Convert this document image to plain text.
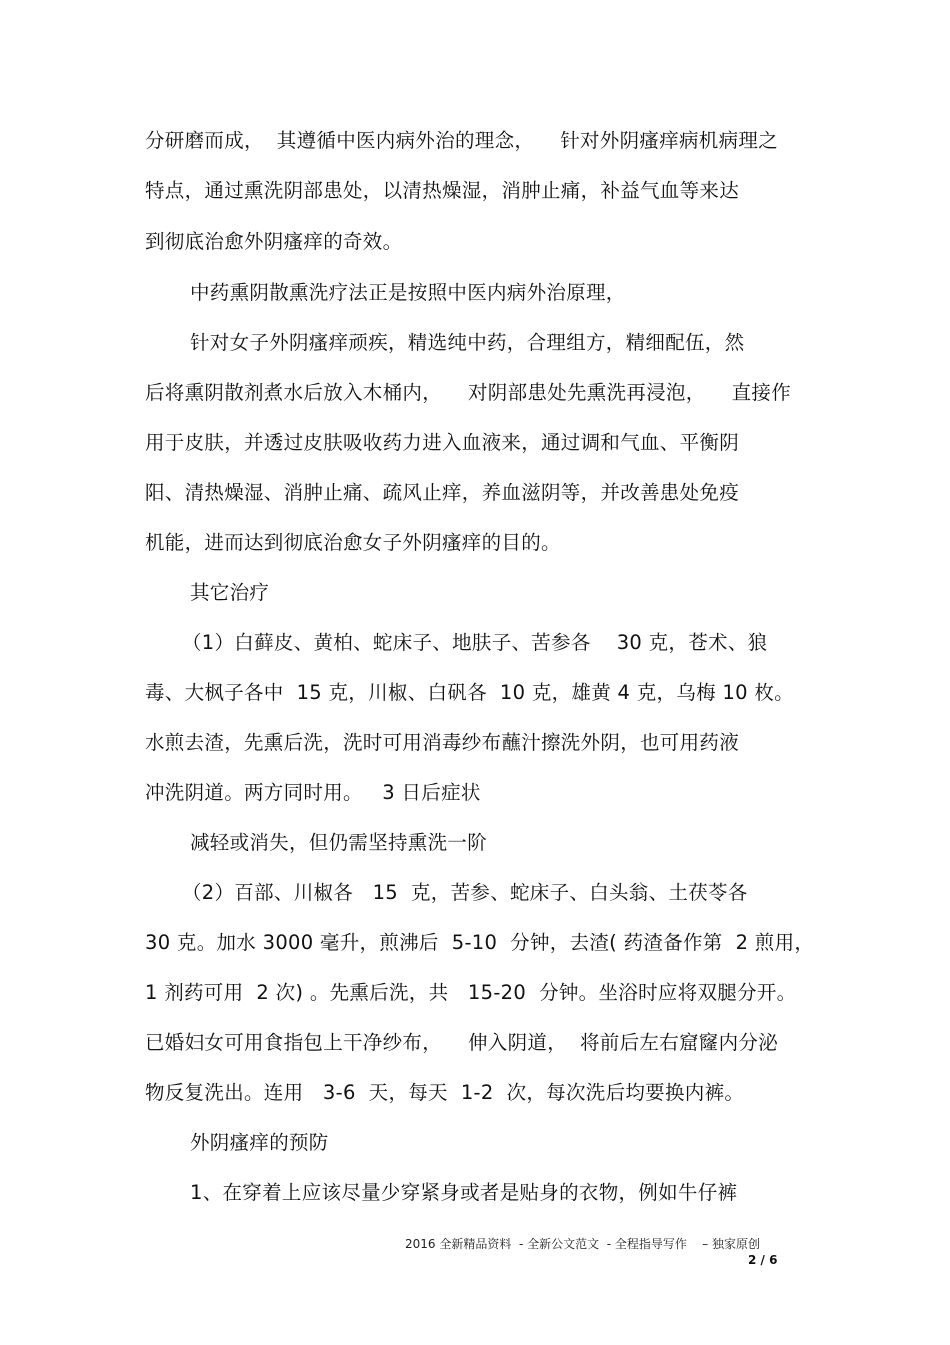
分研磨而成，  其遵循中医内病外治的理念，    针对外阴瘙痒病机病理之
特点，通过熏洗阴部患处，以清热燥湿，消肿止痛，补益气血等来达
到彻底治愈外阴瘙痒的奇效。
中药熏阴散熏洗疗法正是按照中医内病外治原理，
针对女子外阴瘙痒顽疾，精选纯中药，合理组方，精细配伍，然
后将熏阴散剂煮水后放入木桶内，    对阴部患处先熏洗再浸泡，    直接作
用于皮肤，并透过皮肤吸收药力进入血液来，通过调和气血、平衡阴
阳、清热燥湿、消肿止痛、疏风止痒，养血滋阴等，并改善患处免疫
机能，进而达到彻底治愈女子外阴瘙痒的目的。
其它治疗
（1）白藓皮、黄柏、蛇床子、地肤子、苦参各    30 克，苍术、狼
毒、大枫子各中  15 克，川椒、白矾各  10 克，雄黄 4 克，乌梅 10 枚。
水煎去渣，先熏后洗，洗时可用消毒纱布蘸汁擦洗外阴，也可用药液
冲洗阴道。两方同时用。   3 日后症状
减轻或消失，但仍需坚持熏洗一阶
（2）百部、川椒各   15  克，苦参、蛇床子、白头翁、土茯苓各
30 克。加水 3000 毫升，煎沸后  5-10  分钟，去渣( 药渣备作第  2 煎用，
1 剂药可用  2 次) 。先熏后洗，共   15-20  分钟。坐浴时应将双腿分开。
已婚妇女可用食指包上干净纱布，    伸入阴道，  将前后左右窟窿内分泌
物反复洗出。连用   3-6  天，每天  1-2  次，每次洗后均要换内裤。
外阴瘙痒的预防
1、在穿着上应该尽量少穿紧身或者是贴身的衣物，例如牛仔裤
2016 全新精品资料  - 全新公文范文  - 全程指导写作    – 独家原创
2 / 6
